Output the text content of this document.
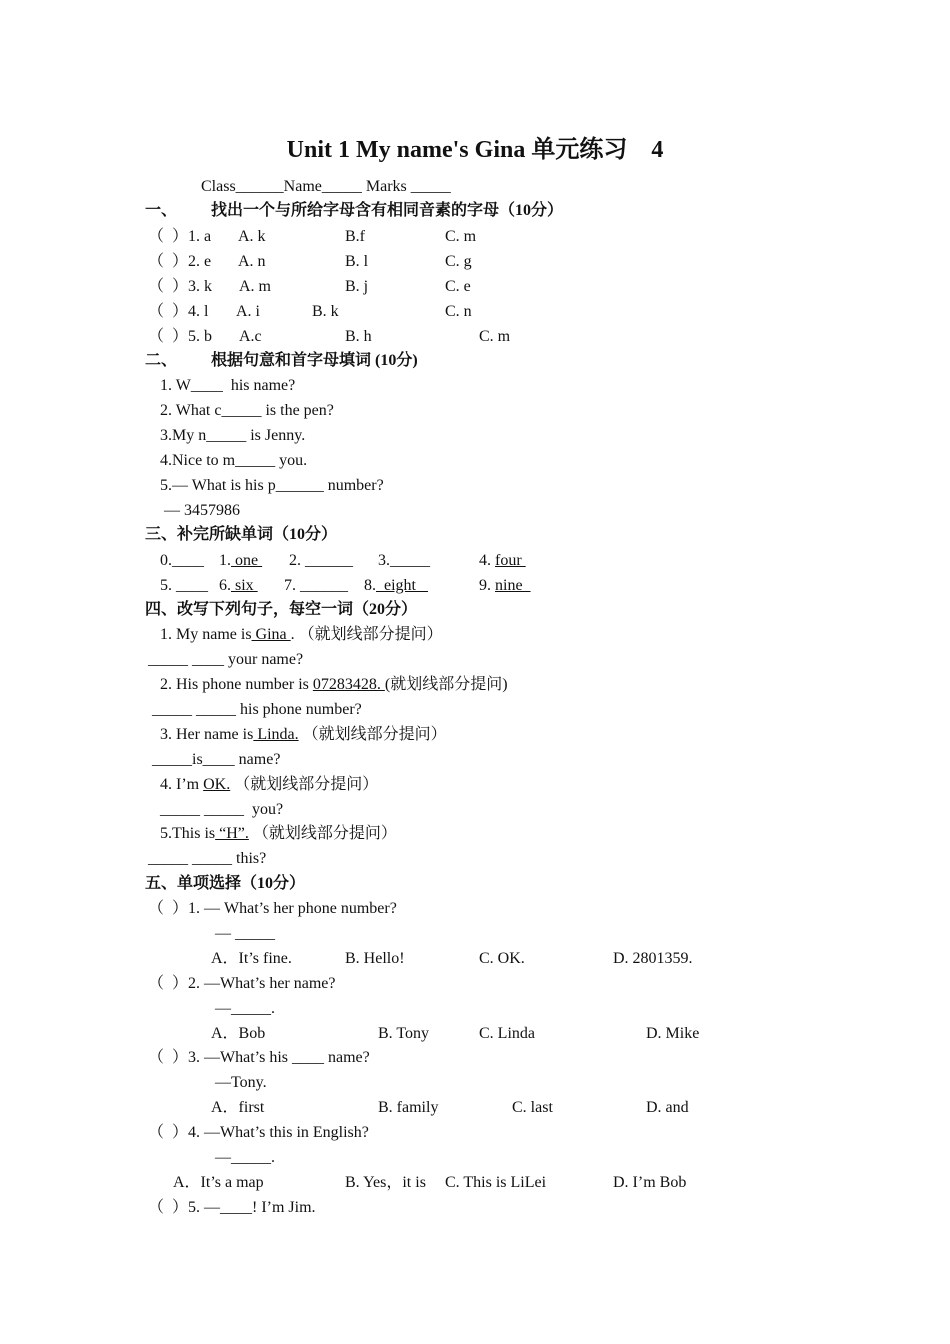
Unit 1 My name's Gina 单元练习    4
Class______Name_____ Marks _____
一、 找出一个与所给字母含有相同音素的字母（10分）
（  ）1. a A. k	B.f	C. m
（  ）2. e A. n	B. l	C. g
（  ）3. k A. m	B. j	C. e
（  ）4. l A. i	B. k	C. n
（  ）5. b A.c	B. h	C. m
二、 根据句意和首字母填词 (10分)
1. W____  his name?
2. What c_____ is the pen?
3.My n_____ is Jenny.
4.Nice to m_____ you.
5.— What is his p______ number?
— 3457986
三、补完所缺单词（10分）
0.____ 1. one 2. ______ 3._____	4. four
5. ____ 6. six 7. ______ 8.  eight	9. nine
四、改写下列句子，每空一词（20分）
1. My name is Gina . （就划线部分提问）
_____ ____ your name?
2. His phone number is 07283428. (就划线部分提问)
_____ _____ his phone number?
3. Her name is Linda. （就划线部分提问）
_____is____ name?
4. I’m OK. （就划线部分提问）
_____ _____  you?
5.This is “H”. （就划线部分提问）
_____ _____ this?
五、单项选择（10分）
（  ）1. — What’s her phone number?
— _____
A．It’s fine.	B. Hello!	C. OK.	D. 2801359.
（  ）2. —What’s her name?
—_____.
A．Bob	B. Tony	C. Linda	D. Mike
（  ）3. —What’s his ____ name?
—Tony.
A．first	B. family	C. last	D. and
（  ）4. —What’s this in English?
—_____.
A．It’s a map	B. Yes，it is C. This is LiLei	D. I’m Bob
（  ）5. —____! I’m Jim.
